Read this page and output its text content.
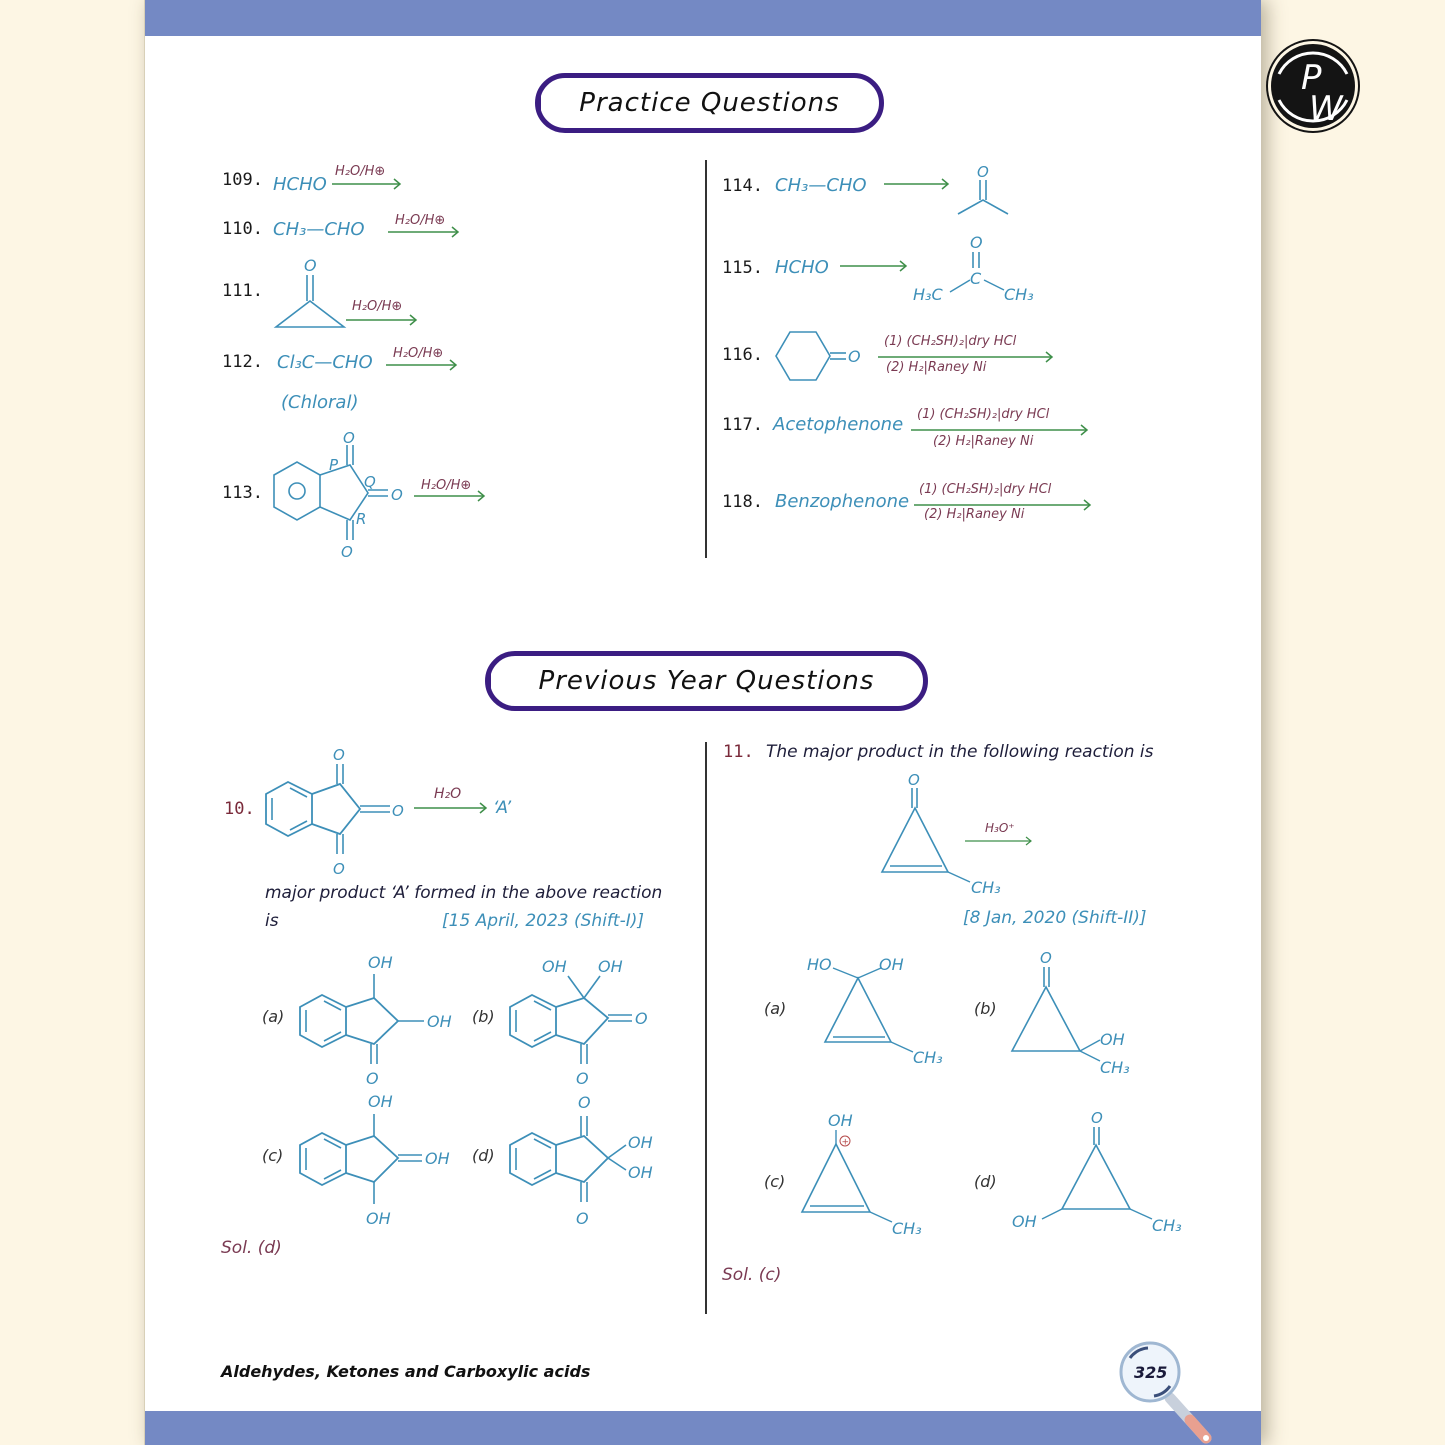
P
W
Practice Questions
109. HCHO
H₂O/H⊕
110. CH₃—CHO H₂O/H⊕
111.
O
H₂O/H⊕
112. Cl₃C—CHO H₂O/H⊕
(Chloral)
113.
O
O
O
P
Q
R
H₂O/H⊕
114. CH₃—CHO
O
115. HCHO
O
C
H₃C	CH₃
116.	O
(1) (CH₂SH)₂|dry HCl
(2) H₂|Raney Ni
117. Acetophenone (1) (CH₂SH)₂|dry HCl
(2) H₂|Raney Ni
118. Benzophenone
(1) (CH₂SH)₂|dry HCl
(2) H₂|Raney Ni
Previous Year Questions
10.
O
O
O
H₂O
‘A’
major product ‘A’ formed in the above reaction
is	[15 April, 2023 (Shift-I)]
(a)
OH
OH
O
(b)
OH OH
O
O
(c)
OH
OH
OH
(d)
O
OH
OH
O
Sol. (d)
11. The major product in the following reaction is
O
CH₃
H₃O⁺
[8 Jan, 2020 (Shift-II)]
(a)
HO	OH
CH₃
(b)
O
OH
CH₃
(c)
OH
+
CH₃
(d)
O
OH	CH₃
Sol. (c)
Aldehydes, Ketones and Carboxylic acids	325
